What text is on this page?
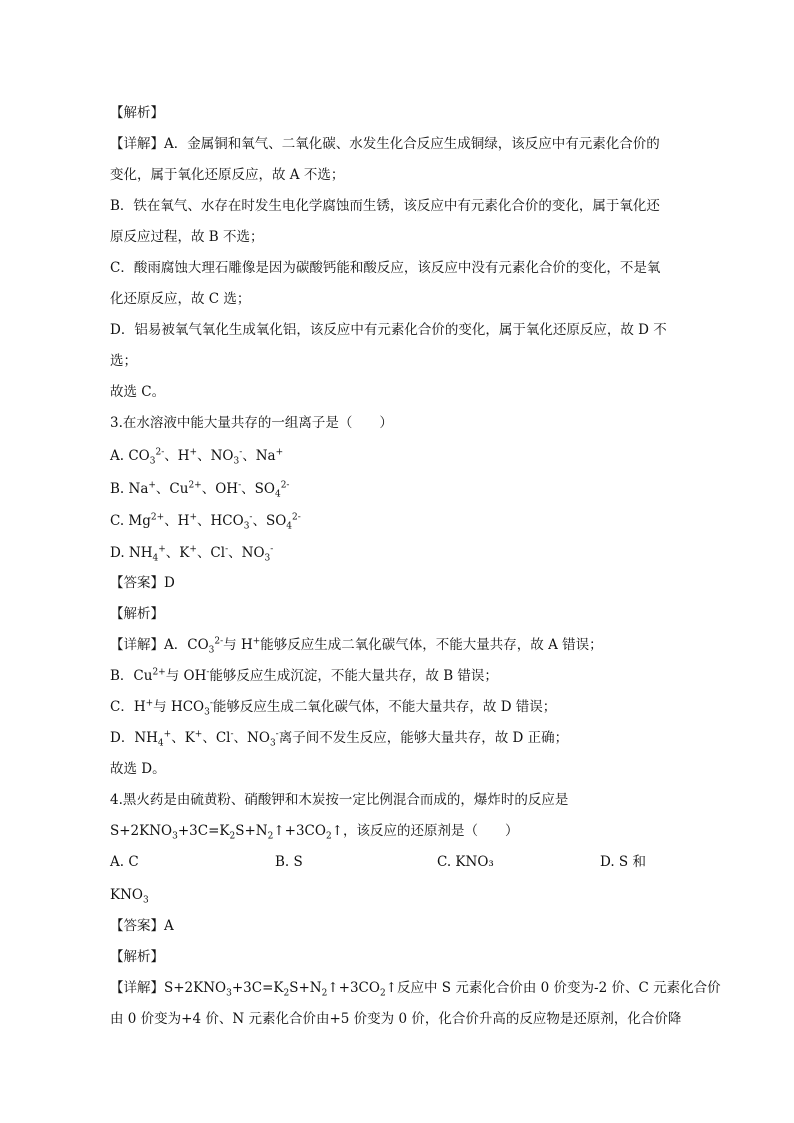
【解析】
【详解】A．金属铜和氧气、二氧化碳、水发生化合反应生成铜绿，该反应中有元素化合价的
变化，属于氧化还原反应，故 A 不选；
B．铁在氧气、水存在时发生电化学腐蚀而生锈，该反应中有元素化合价的变化，属于氧化还
原反应过程，故 B 不选；
C．酸雨腐蚀大理石雕像是因为碳酸钙能和酸反应，该反应中没有元素化合价的变化，不是氧
化还原反应，故 C 选；
D．铝易被氧气氧化生成氧化铝，该反应中有元素化合价的变化，属于氧化还原反应，故 D 不
选；
故选 C。
3.在水溶液中能大量共存的一组离子是（　　）
A. $CO_3^{2-}$、H+、$NO_3^-$、Na+
B. Na+、$Cu^{2+}$、OH-、$SO_4^{2-}$
C. $Mg^{2+}$、H+、$HCO_3^-$、$SO_4^{2-}$
D. $NH_4^+$、K+、Cl-、$NO_3^-$
【答案】D
【解析】
【详解】A．$CO_3^{2-}$与 H+能够反应生成二氧化碳气体，不能大量共存，故 A 错误；
B．$Cu^{2+}$与 OH-能够反应生成沉淀，不能大量共存，故 B 错误；
C．H+与 $HCO_3^-$能够反应生成二氧化碳气体，不能大量共存，故 D 错误；
D．$NH_4^+$、K+、Cl-、$NO_3^-$离子间不发生反应，能够大量共存，故 D 正确；
故选 D。
4.黑火药是由硫黄粉、硝酸钾和木炭按一定比例混合而成的，爆炸时的反应是
$S+2KNO_3+3C=K_2S+N_2↑+3CO_2↑$，该反应的还原剂是（　　）
$KNO_3$
【答案】A
【解析】
【详解】$S+2KNO_3+3C=K_2S+N_2↑+3CO_2↑$反应中 S 元素化合价由 0 价变为-2 价、C 元素化合价
由 0 价变为+4 价、N 元素化合价由+5 价变为 0 价，化合价升高的反应物是还原剂，化合价降
A. C	B. S	C. KNO₃	D. S 和
